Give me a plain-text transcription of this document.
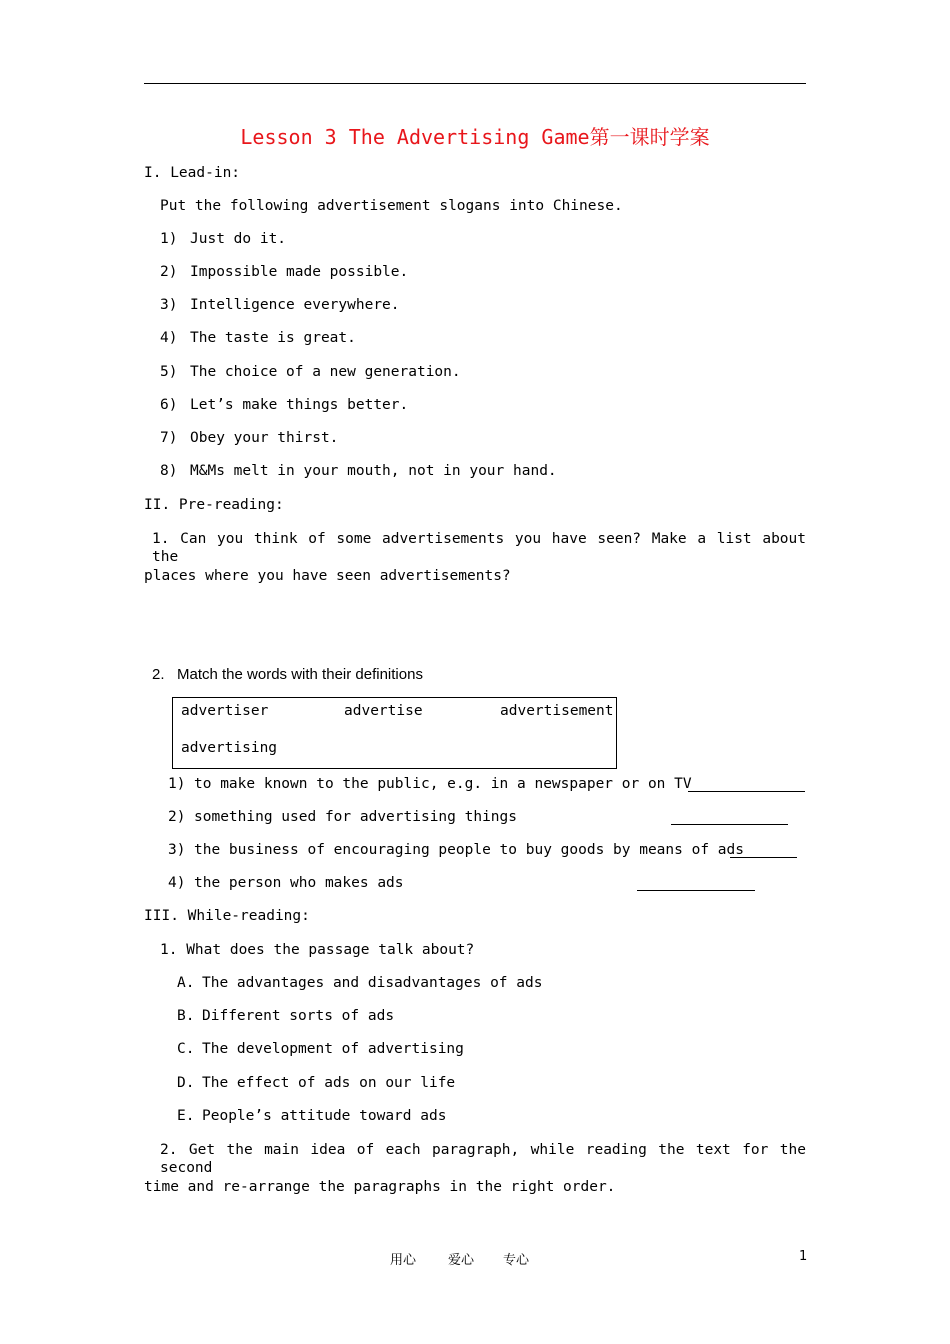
Lesson 3 The Advertising Game第一课时学案
I. Lead-in:
Put the following advertisement slogans into Chinese.
1) Just do it.
2) Impossible made possible.
3) Intelligence everywhere.
4) The taste is great.
5) The choice of a new generation.
6) Let’s make things better.
7) Obey your thirst.
8) M&Ms melt in your mouth, not in your hand.
II. Pre-reading:
1. Can you think of some advertisements you have seen? Make a list about the
places where you have seen advertisements?
2. Match the words with their definitions
advertiser	advertise	advertisement
advertising
1) to make known to the public, e.g. in a newspaper or on TV
2) something used for advertising things
3) the business of encouraging people to buy goods by means of ads
4) the person who makes ads
III. While-reading:
1. What does the passage talk about?
A. The advantages and disadvantages of ads
B. Different sorts of ads
C. The development of advertising
D. The effect of ads on our life
E. People’s attitude toward ads
2. Get the main idea of each paragraph, while reading the text for the second
time and re-arrange the paragraphs in the right order.
用心 爱心 专心	1
